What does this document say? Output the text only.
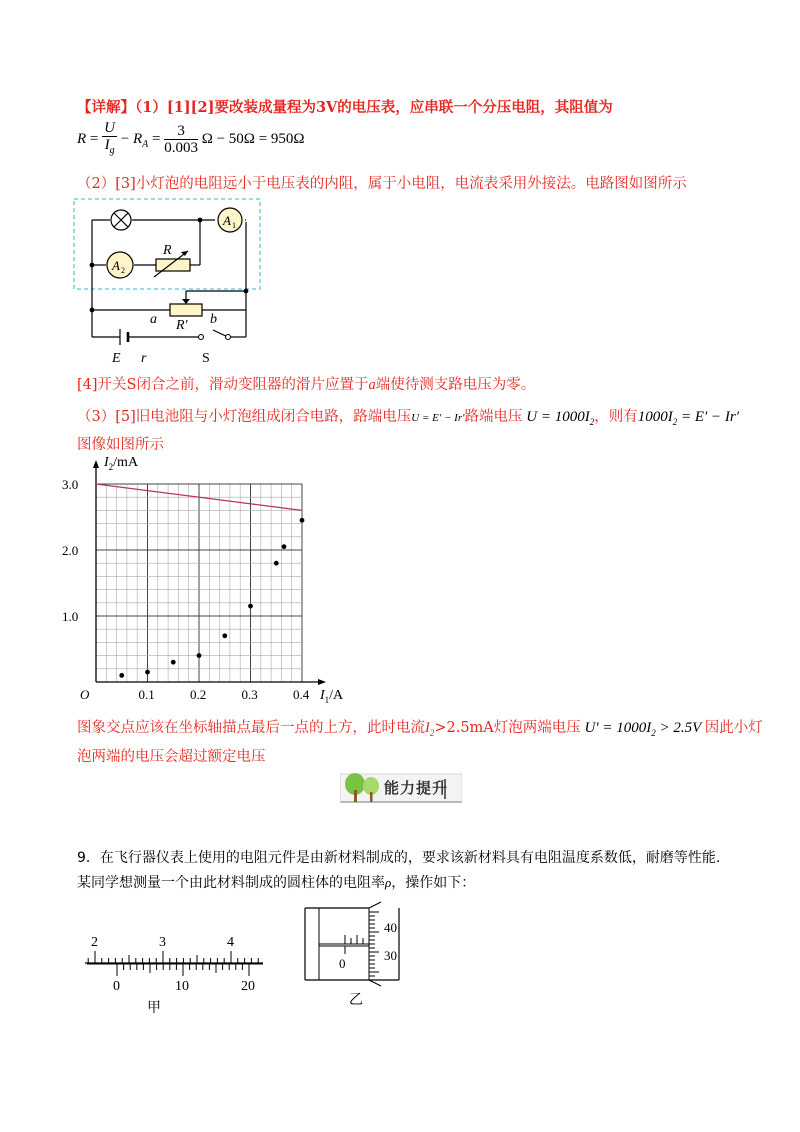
【详解】（1）[1][2]要改装成量程为3V的电压表，应串联一个分压电阻，其阻值为
$R = \frac{U}{I_g} - R_A = \frac{3}{0.003}$ Ω − 50Ω = 950Ω
（2）[3]小灯泡的电阻远小于电压表的内阻，属于小电阻，电流表采用外接法。电路图如图所示
A 1
A 2
R
a R′ b
E r	S
[4]开关S闭合之前，滑动变阻器的滑片应置于a端使待测支路电压为零。
（3）[5]旧电池阻与小灯泡组成闭合电路，路端电压U = E′ − Ir′路端电压 $U = 1000I_2$，则有$1000I_2 = E' - Ir'$
图像如图所示
0.1	0.2	0.3	0.4
1.0
2.0
3.0
O
$I_2/mA$
$I_1/A$
图象交点应该在坐标轴描点最后一点的上方，此时电流$I_2>2.5mA$灯泡两端电压 $U' = 1000I_2 > 2.5V$ 因此小灯
泡两端的电压会超过额定电压
能力提升
9．在飞行器仪表上使用的电阻元件是由新材料制成的，要求该新材料具有电阻温度系数低，耐磨等性能.
某同学想测量一个由此材料制成的圆柱体的电阻率ρ，操作如下：
2	3	4
0	10	20
甲
0
40
30
乙
